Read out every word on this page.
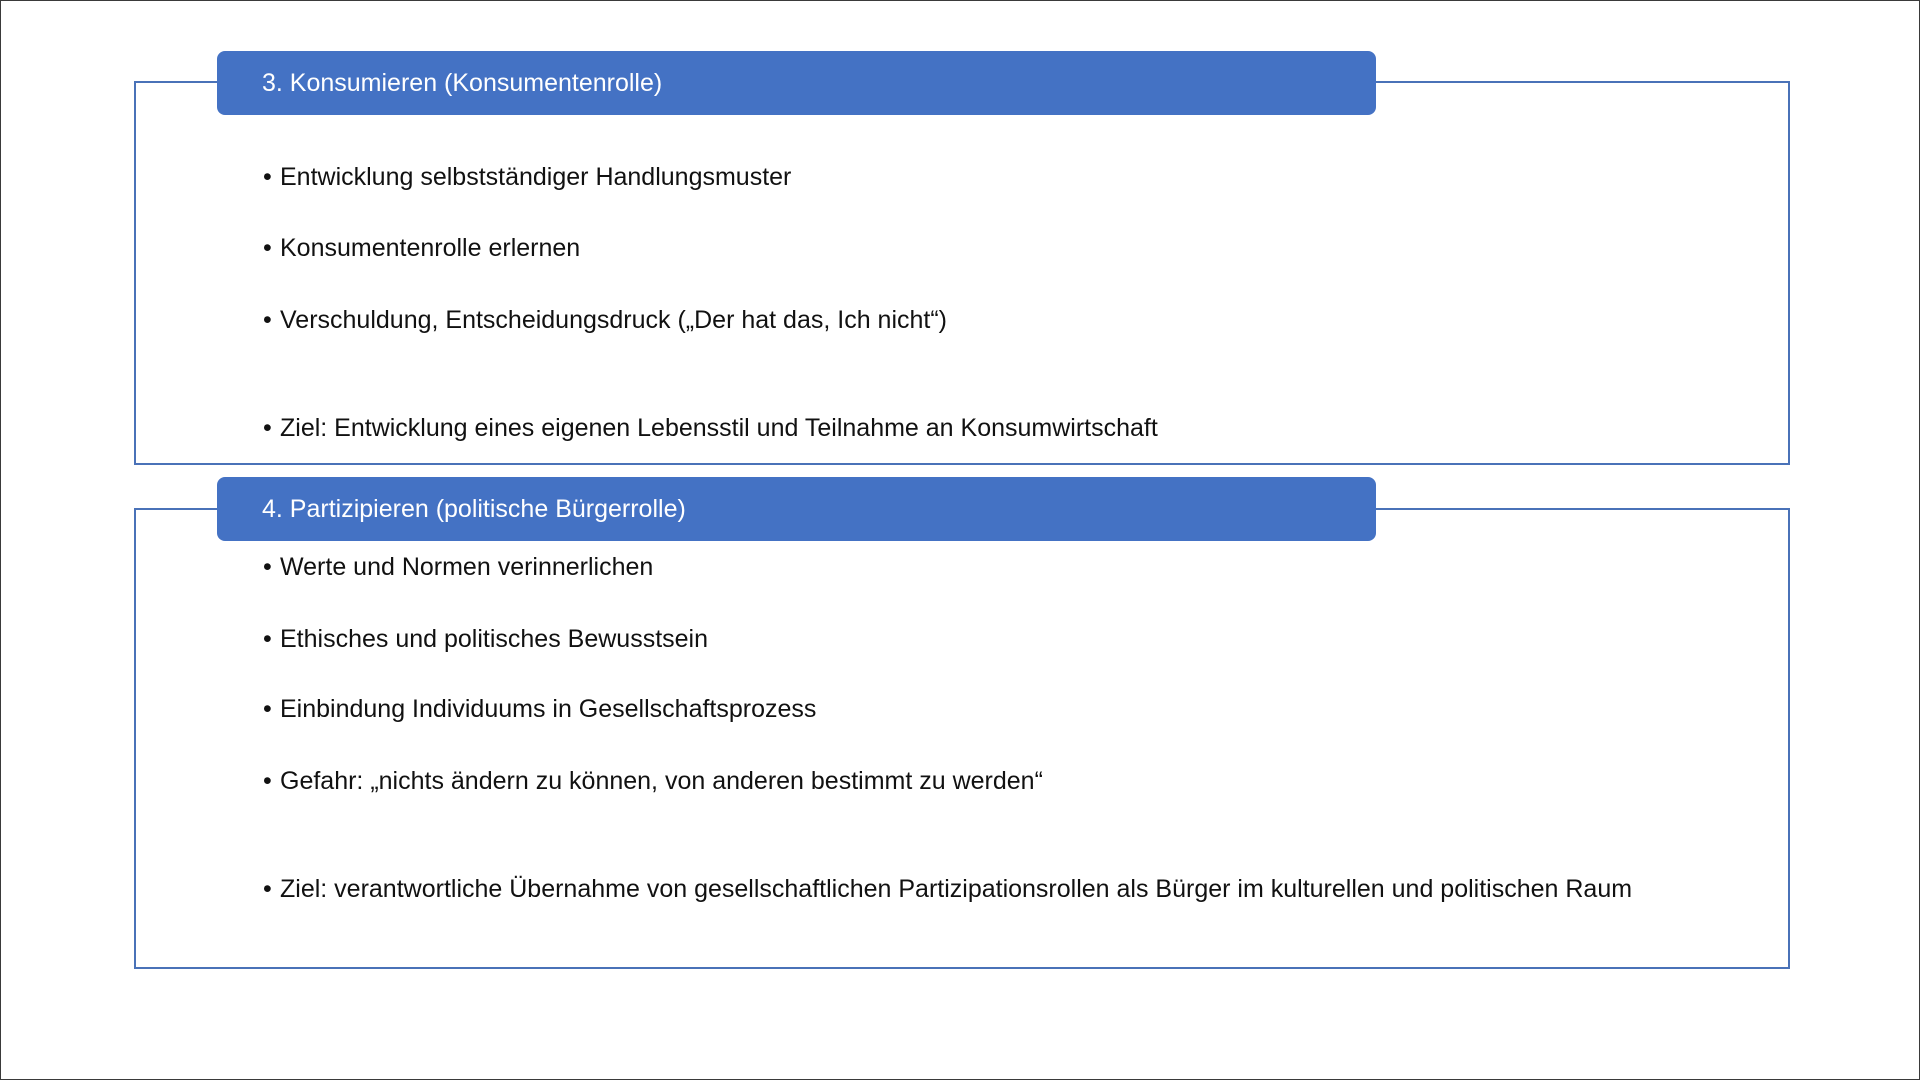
3. Konsumieren (Konsumentenrolle)
• Entwicklung selbstständiger Handlungsmuster
• Konsumentenrolle erlernen
• Verschuldung, Entscheidungsdruck („Der hat das, Ich nicht“)
• Ziel: Entwicklung eines eigenen Lebensstil und Teilnahme an Konsumwirtschaft
4. Partizipieren (politische Bürgerrolle)
• Werte und Normen verinnerlichen
• Ethisches und politisches Bewusstsein
• Einbindung Individuums in Gesellschaftsprozess
• Gefahr: „nichts ändern zu können, von anderen bestimmt zu werden“
• Ziel: verantwortliche Übernahme von gesellschaftlichen Partizipationsrollen als Bürger im kulturellen und politischen Raum
